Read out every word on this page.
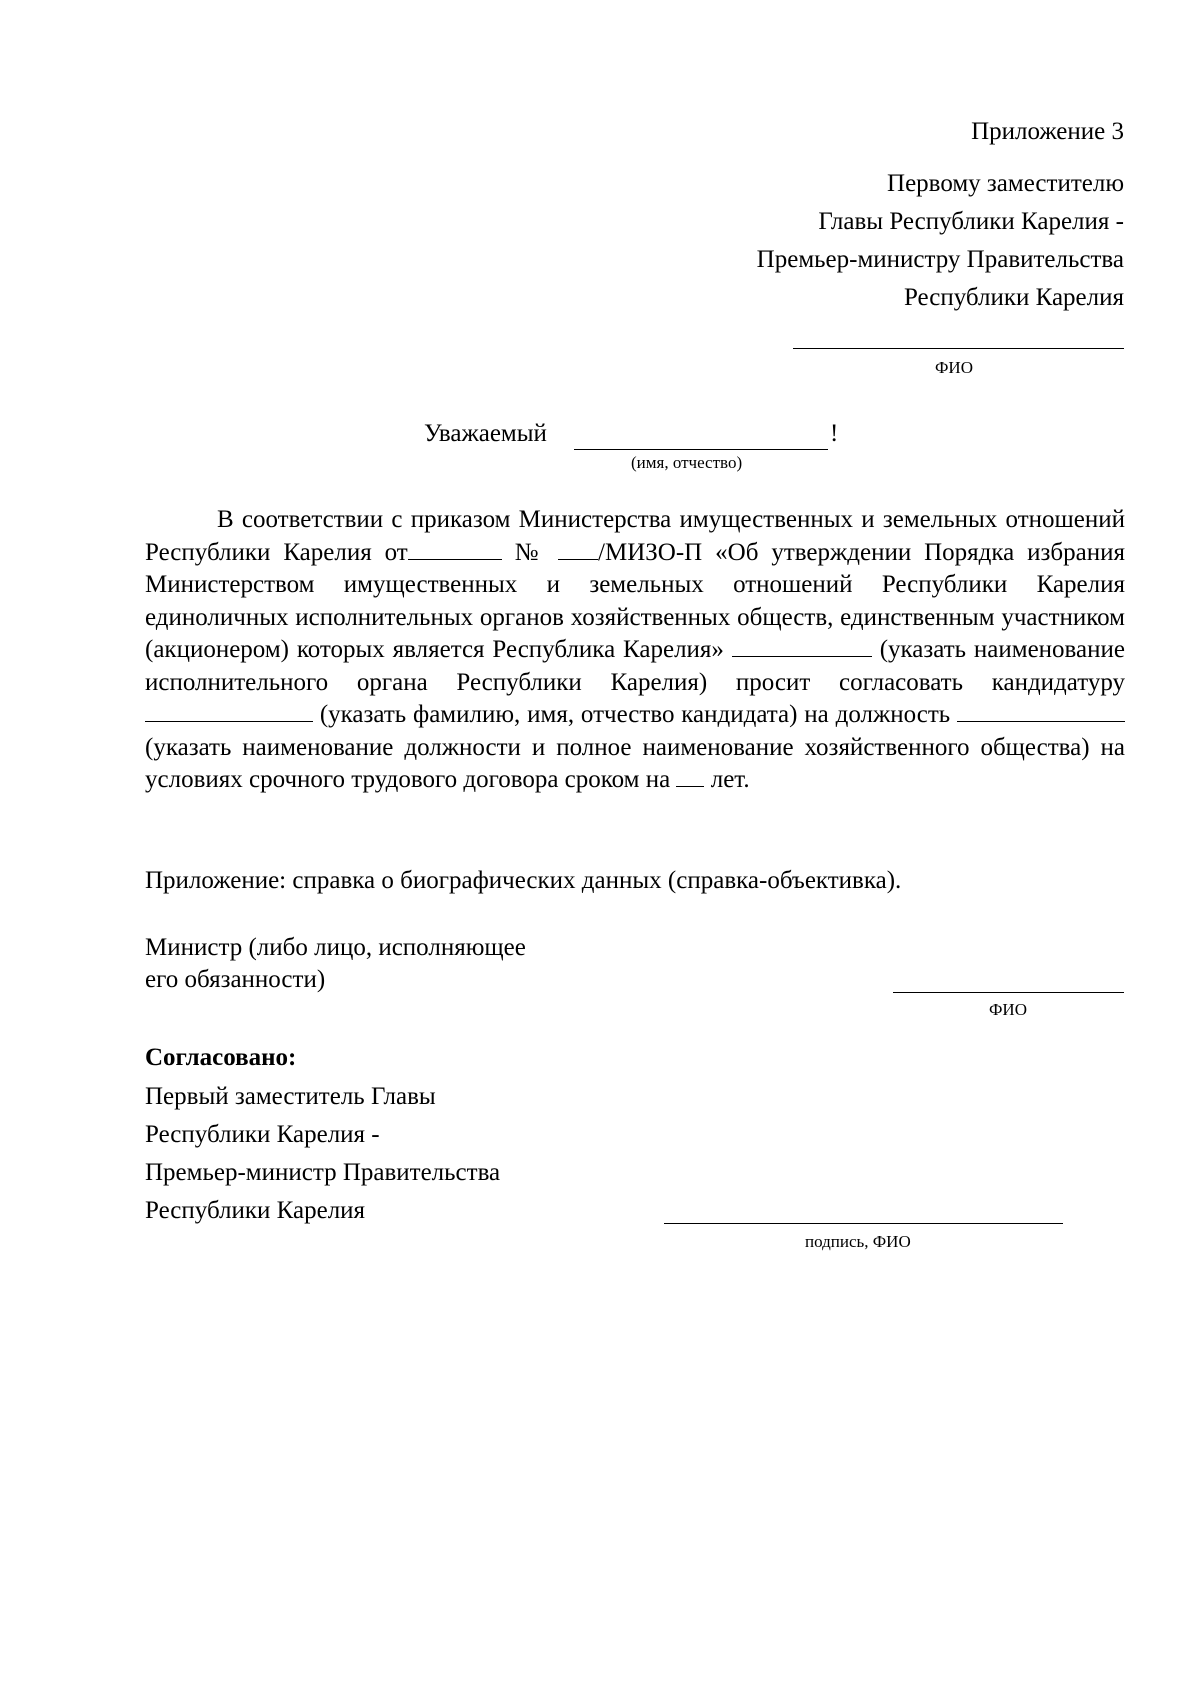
Приложение 3
Первому заместителю
Главы Республики Карелия -
Премьер-министру Правительства
Республики Карелия
ФИО
Уважаемый	!
(имя, отчество)

В соответствии с приказом Министерства имущественных и земельных отношений Республики Карелия от	№ /МИЗО-П «Об утверждении Порядка избрания Министерством имущественных и земельных отношений Республики Карелия единоличных исполнительных органов хозяйственных обществ, единственным участником (акционером) которых является Республика Карелия»	(указать наименование исполнительного органа Республики Карелия) просит согласовать кандидатуру  (указать фамилию, имя, отчество кандидата) на должность  (указать наименование должности и полное наименование хозяйственного общества) на условиях срочного трудового договора сроком на  лет.

Приложение: справка о биографических данных (справка-объективка).
Министр (либо лицо, исполняющее
его обязанности)
ФИО
Согласовано:
Первый заместитель Главы
Республики Карелия -
Премьер-министр Правительства
Республики Карелия
подпись, ФИО
